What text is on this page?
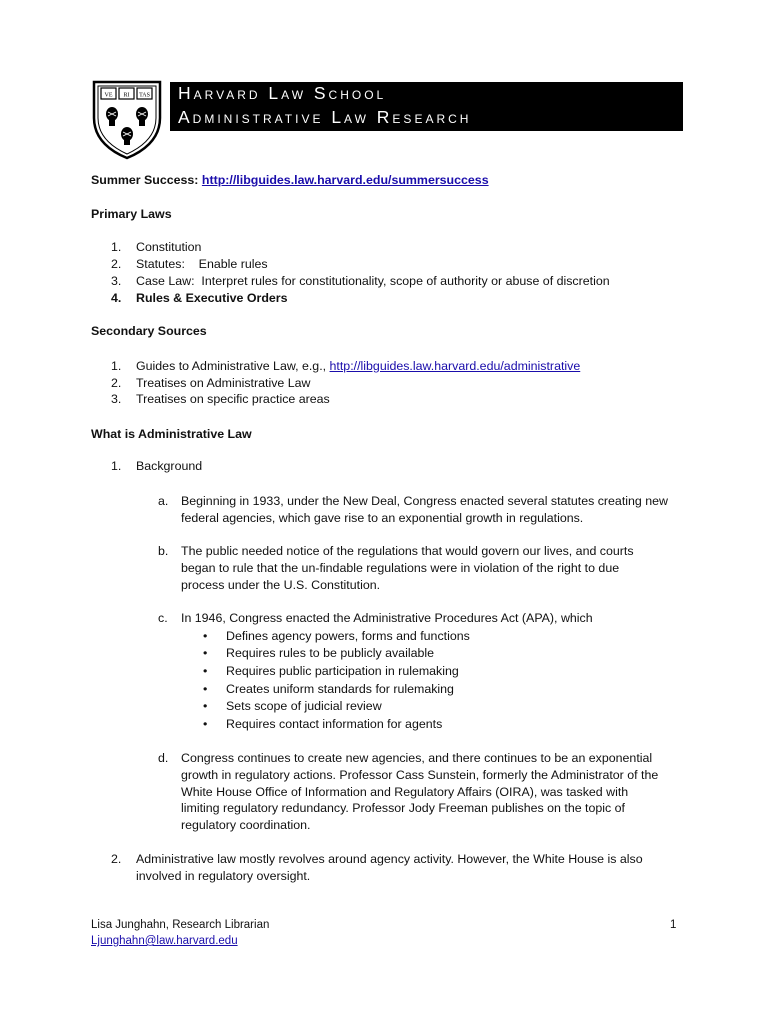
VE RI TAS Harvard Law School
Administrative Law Research
Summer Success: http://libguides.law.harvard.edu/summersuccess
Primary Laws
1. Constitution
2. Statutes:    Enable rules
3. Case Law:  Interpret rules for constitutionality, scope of authority or abuse of discretion
4. Rules & Executive Orders
Secondary Sources
1. Guides to Administrative Law, e.g., http://libguides.law.harvard.edu/administrative
2. Treatises on Administrative Law
3. Treatises on specific practice areas
What is Administrative Law
1. Background
a. Beginning in 1933, under the New Deal, Congress enacted several statutes creating new
federal agencies, which gave rise to an exponential growth in regulations.
b. The public needed notice of the regulations that would govern our lives, and courts
began to rule that the un-findable regulations were in violation of the right to due
process under the U.S. Constitution.
c. In 1946, Congress enacted the Administrative Procedures Act (APA), which
• Defines agency powers, forms and functions
• Requires rules to be publicly available
• Requires public participation in rulemaking
• Creates uniform standards for rulemaking
• Sets scope of judicial review
• Requires contact information for agents
d. Congress continues to create new agencies, and there continues to be an exponential
growth in regulatory actions. Professor Cass Sunstein, formerly the Administrator of the
White House Office of Information and Regulatory Affairs (OIRA), was tasked with
limiting regulatory redundancy. Professor Jody Freeman publishes on the topic of
regulatory coordination.
2. Administrative law mostly revolves around agency activity. However, the White House is also
involved in regulatory oversight.
Lisa Junghahn, Research Librarian	1
Ljunghahn@law.harvard.edu
